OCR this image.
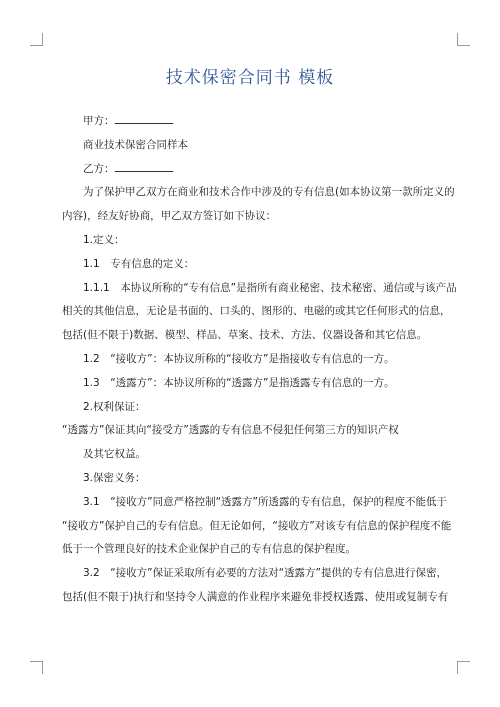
技术保密合同书 模板

甲方：

商业技术保密合同样本

乙方：

为了保护甲乙双方在商业和技术合作中涉及的专有信息(如本协议第一款所定义的

内容)，经友好协商，甲乙双方签订如下协议：

1.定义：

1.1　专有信息的定义：

1.1.1　本协议所称的“专有信息”是指所有商业秘密、技术秘密、通信或与该产品

相关的其他信息，无论是书面的、口头的、图形的、电磁的或其它任何形式的信息，

包括(但不限于)数据、模型、样品、草案、技术、方法、仪器设备和其它信息。

1.2　“接收方”：本协议所称的“接收方”是指接收专有信息的一方。

1.3　“透露方”：本协议所称的“透露方”是指透露专有信息的一方。

2.权利保证：

“透露方”保证其向“接受方”透露的专有信息不侵犯任何第三方的知识产权

及其它权益。

3.保密义务：

3.1　“接收方”同意严格控制“透露方”所透露的专有信息，保护的程度不能低于

“接收方”保护自己的专有信息。但无论如何，“接收方”对该专有信息的保护程度不能

低于一个管理良好的技术企业保护自己的专有信息的保护程度。

3.2　“接收方”保证采取所有必要的方法对“透露方”提供的专有信息进行保密，

包括(但不限于)执行和坚持令人满意的作业程序来避免非授权透露、使用或复制专有
